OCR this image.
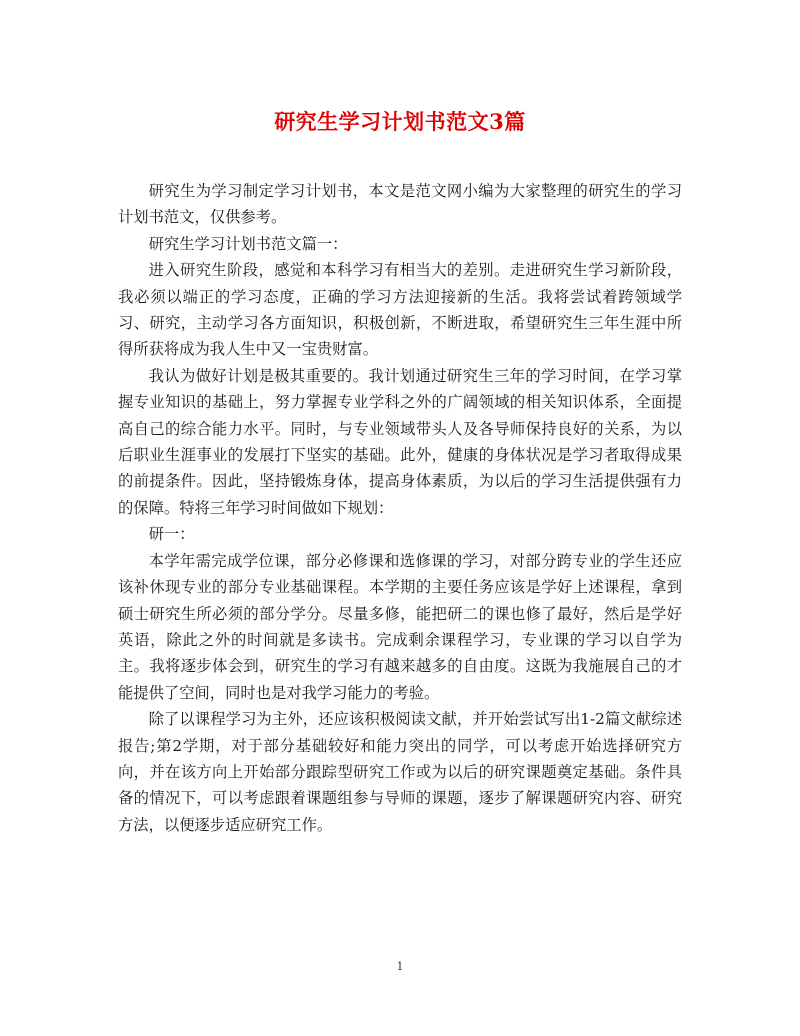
研究生学习计划书范文3篇

研究生为学习制定学习计划书，本文是范文网小编为大家整理的研究生的学习计划书范文，仅供参考。

研究生学习计划书范文篇一：

进入研究生阶段，感觉和本科学习有相当大的差别。走进研究生学习新阶段，我必须以端正的学习态度，正确的学习方法迎接新的生活。我将尝试着跨领域学习、研究，主动学习各方面知识，积极创新，不断进取，希望研究生三年生涯中所得所获将成为我人生中又一宝贵财富。

我认为做好计划是极其重要的。我计划通过研究生三年的学习时间，在学习掌握专业知识的基础上，努力掌握专业学科之外的广阔领域的相关知识体系，全面提高自己的综合能力水平。同时，与专业领域带头人及各导师保持良好的关系，为以后职业生涯事业的发展打下坚实的基础。此外，健康的身体状况是学习者取得成果的前提条件。因此，坚持锻炼身体，提高身体素质，为以后的学习生活提供强有力的保障。特将三年学习时间做如下规划：

研一：

本学年需完成学位课，部分必修课和选修课的学习，对部分跨专业的学生还应该补休现专业的部分专业基础课程。本学期的主要任务应该是学好上述课程，拿到硕士研究生所必须的部分学分。尽量多修，能把研二的课也修了最好，然后是学好英语，除此之外的时间就是多读书。完成剩余课程学习，专业课的学习以自学为主。我将逐步体会到，研究生的学习有越来越多的自由度。这既为我施展自己的才能提供了空间，同时也是对我学习能力的考验。

除了以课程学习为主外，还应该积极阅读文献，并开始尝试写出1-2篇文献综述报告;第2学期，对于部分基础较好和能力突出的同学，可以考虑开始选择研究方向，并在该方向上开始部分跟踪型研究工作或为以后的研究课题奠定基础。条件具备的情况下，可以考虑跟着课题组参与导师的课题，逐步了解课题研究内容、研究方法，以便逐步适应研究工作。

1
